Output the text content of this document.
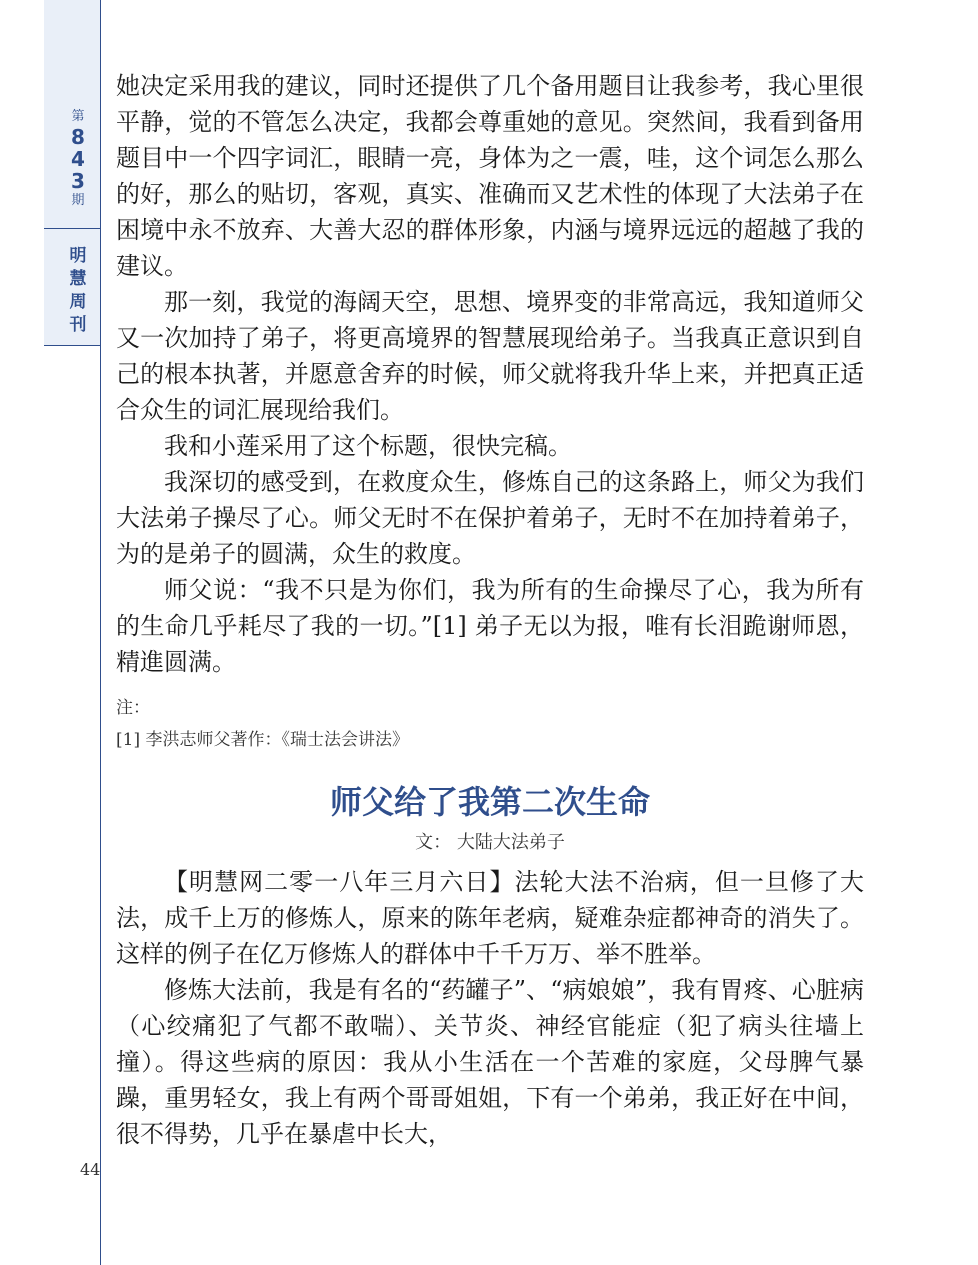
第
8
4
3
期
明
慧
周
刊
44

她决定采用我的建议，同时还提供了几个备用题目让我参考，我心里很平静，觉的不管怎么决定，我都会尊重她的意见。突然间，我看到备用题目中一个四字词汇，眼睛一亮，身体为之一震，哇，这个词怎么那么的好，那么的贴切，客观，真实、准确而又艺术性的体现了大法弟子在困境中永不放弃、大善大忍的群体形象，内涵与境界远远的超越了我的建议。

那一刻，我觉的海阔天空，思想、境界变的非常高远，我知道师父又一次加持了弟子，将更高境界的智慧展现给弟子。当我真正意识到自己的根本执著，并愿意舍弃的时候，师父就将我升华上来，并把真正适合众生的词汇展现给我们。

我和小莲采用了这个标题，很快完稿。

我深切的感受到，在救度众生，修炼自己的这条路上，师父为我们大法弟子操尽了心。师父无时不在保护着弟子，无时不在加持着弟子，为的是弟子的圆满，众生的救度。

师父说：“我不只是为你们，我为所有的生命操尽了心，我为所有的生命几乎耗尽了我的一切。”[1] 弟子无以为报，唯有长泪跪谢师恩，精進圆满。

注：
[1] 李洪志师父著作：《瑞士法会讲法》
师父给了我第二次生命
文： 大陆大法弟子

【明慧网二零一八年三月六日】法轮大法不治病，但一旦修了大法，成千上万的修炼人，原来的陈年老病，疑难杂症都神奇的消失了。这样的例子在亿万修炼人的群体中千千万万、举不胜举。

修炼大法前，我是有名的“药罐子”、“病娘娘”，我有胃疼、心脏病（心绞痛犯了气都不敢喘）、关节炎、神经官能症（犯了病头往墙上撞）。得这些病的原因：我从小生活在一个苦难的家庭，父母脾气暴躁，重男轻女，我上有两个哥哥姐姐，下有一个弟弟，我正好在中间，很不得势，几乎在暴虐中长大，
